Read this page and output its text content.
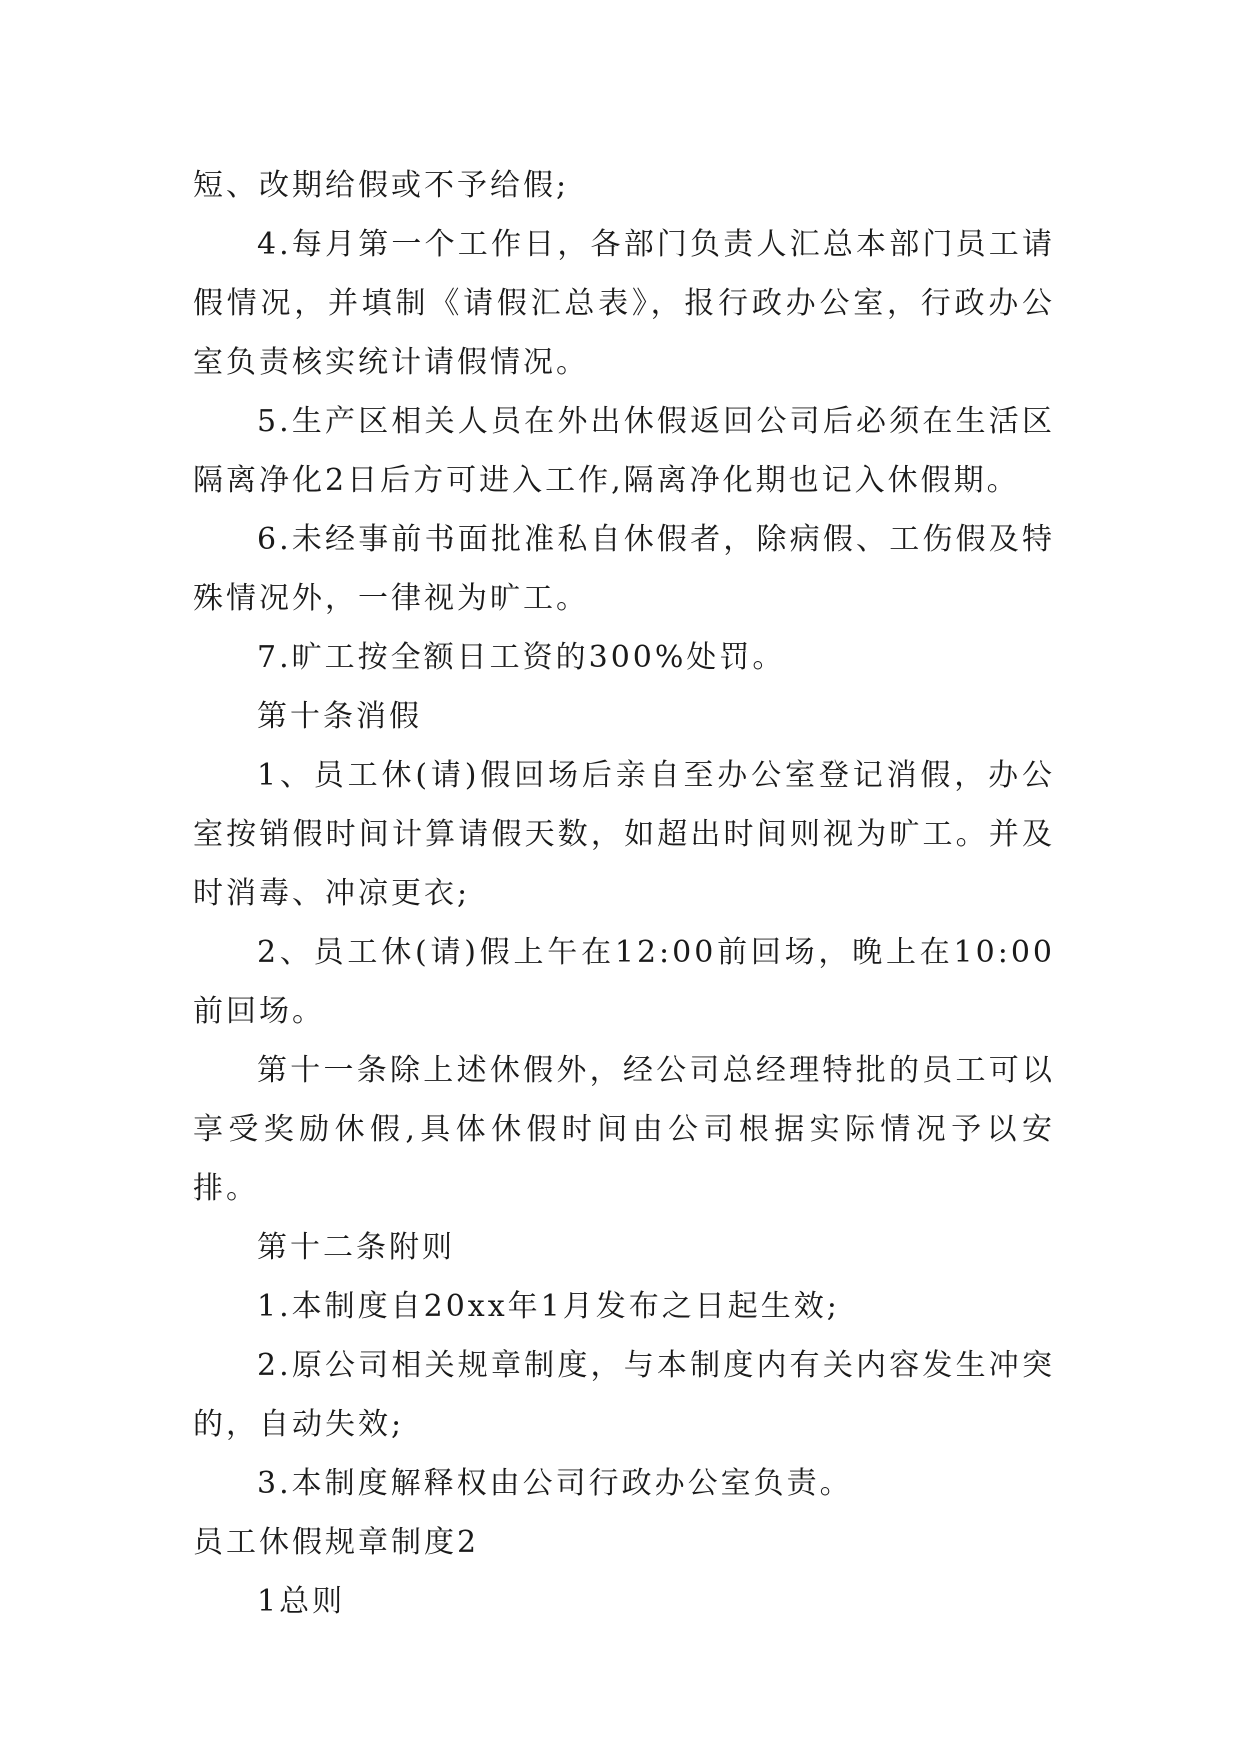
短、改期给假或不予给假;

4.每月第一个工作日，各部门负责人汇总本部门员工请假情况，并填制《请假汇总表》，报行政办公室，行政办公室负责核实统计请假情况。

5.生产区相关人员在外出休假返回公司后必须在生活区隔离净化2日后方可进入工作,隔离净化期也记入休假期。

6.未经事前书面批准私自休假者，除病假、工伤假及特殊情况外，一律视为旷工。

7.旷工按全额日工资的300%处罚。

第十条消假

1、员工休(请)假回场后亲自至办公室登记消假，办公室按销假时间计算请假天数，如超出时间则视为旷工。并及时消毒、冲凉更衣;

2、员工休(请)假上午在12:00前回场，晚上在10:00前回场。

第十一条除上述休假外，经公司总经理特批的员工可以享受奖励休假,具体休假时间由公司根据实际情况予以安排。

第十二条附则

1.本制度自20xx年1月发布之日起生效;

2.原公司相关规章制度，与本制度内有关内容发生冲突的，自动失效;

3.本制度解释权由公司行政办公室负责。

员工休假规章制度2

1总则
